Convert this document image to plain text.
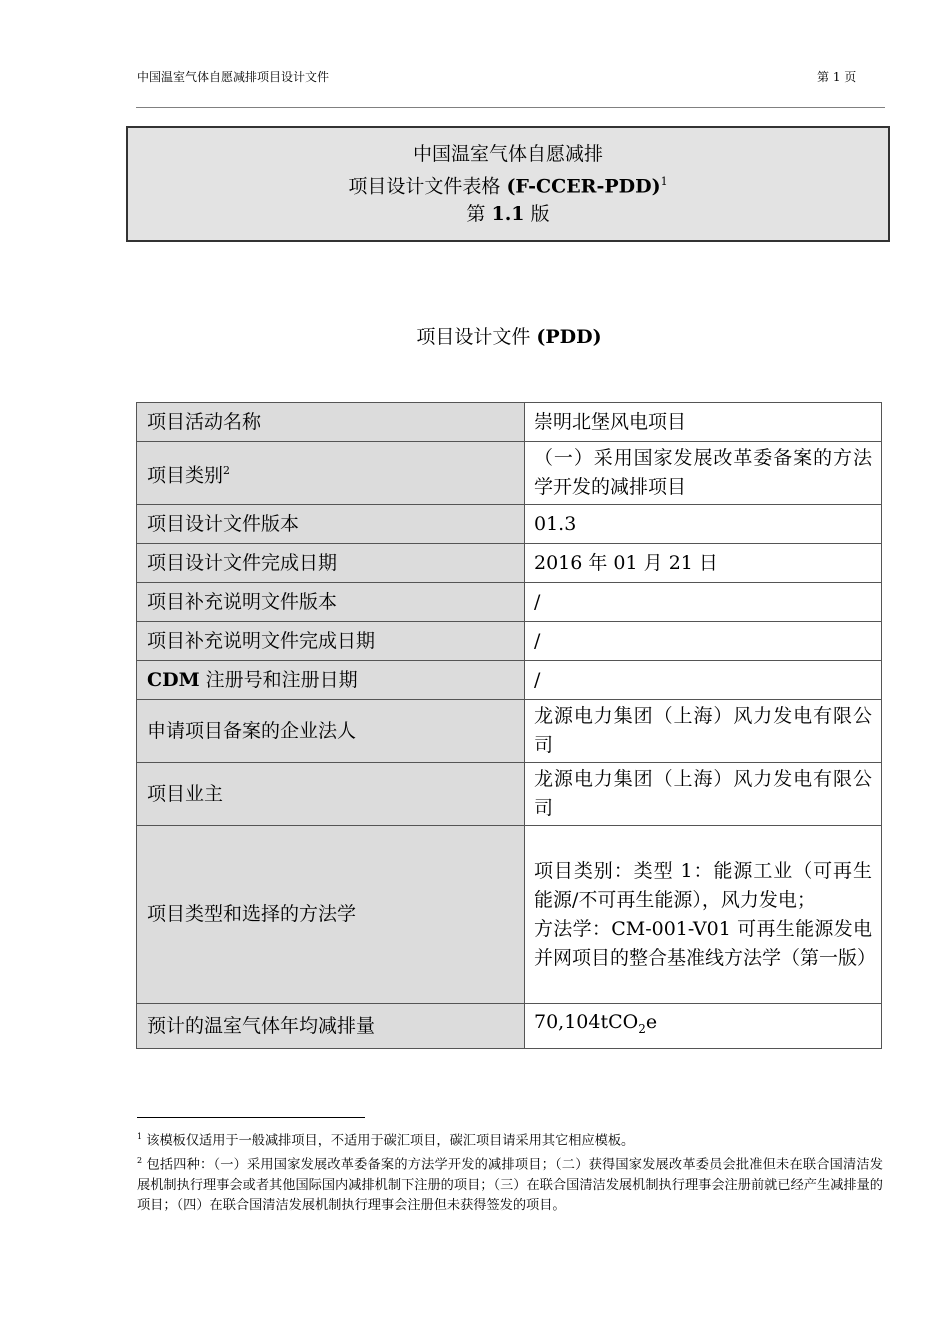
中国温室气体自愿减排项目设计文件	第 1 页
中国温室气体自愿减排
项目设计文件表格 (F-CCER-PDD)$^1$
第 1.1 版
项目设计文件 (PDD)
项目活动名称	崇明北堡风电项目
项目类别$^2$	（一）采用国家发展改革委备案的方法学开发的减排项目
项目设计文件版本	01.3
项目设计文件完成日期	2016 年 01 月 21 日
项目补充说明文件版本	/
项目补充说明文件完成日期	/
CDM 注册号和注册日期	/
申请项目备案的企业法人	龙源电力集团（上海）风力发电有限公司
项目业主	龙源电力集团（上海）风力发电有限公司
项目类型和选择的方法学	项目类别：类型 1：能源工业（可再生能源/不可再生能源），风力发电；
方法学：CM-001-V01 可再生能源发电并网项目的整合基准线方法学（第一版）

预计的温室气体年均减排量	70,104tCO$_2$e

$^1$ 该模板仅适用于一般减排项目，不适用于碳汇项目，碳汇项目请采用其它相应模板。

$^2$ 包括四种：（一）采用国家发展改革委备案的方法学开发的减排项目；（二）获得国家发展改革委员会批准但未在联合国清洁发展机制执行理事会或者其他国际国内减排机制下注册的项目；（三）在联合国清洁发展机制执行理事会注册前就已经产生减排量的项目；（四）在联合国清洁发展机制执行理事会注册但未获得签发的项目。
